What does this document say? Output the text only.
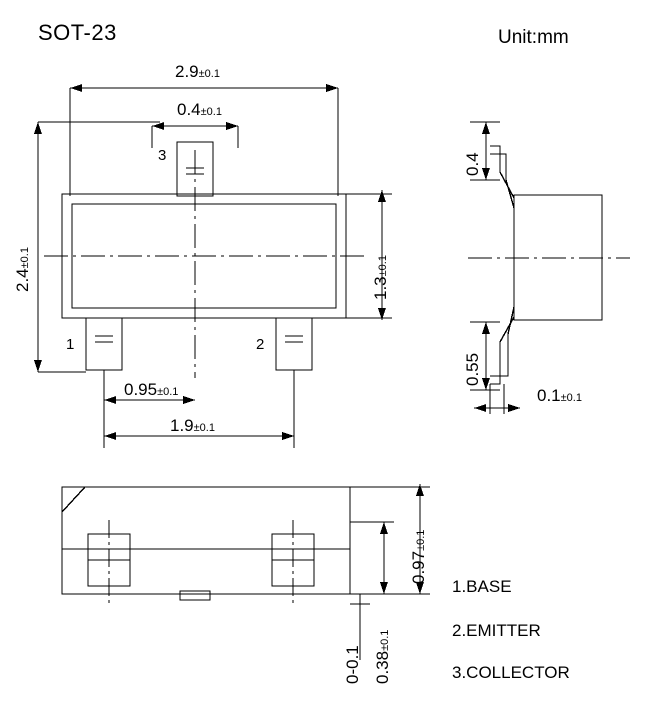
SOT-23	Unit:mm
2.9±0.1
0.4±0.1
3
1	2
2.4±0.1
1.3±0.1
0.95±0.1
1.9±0.1
0.4
0.55
0.1±0.1
0.97±0.1
0.38±0.1
0-0.1
1.BASE
2.EMITTER
3.COLLECTOR
